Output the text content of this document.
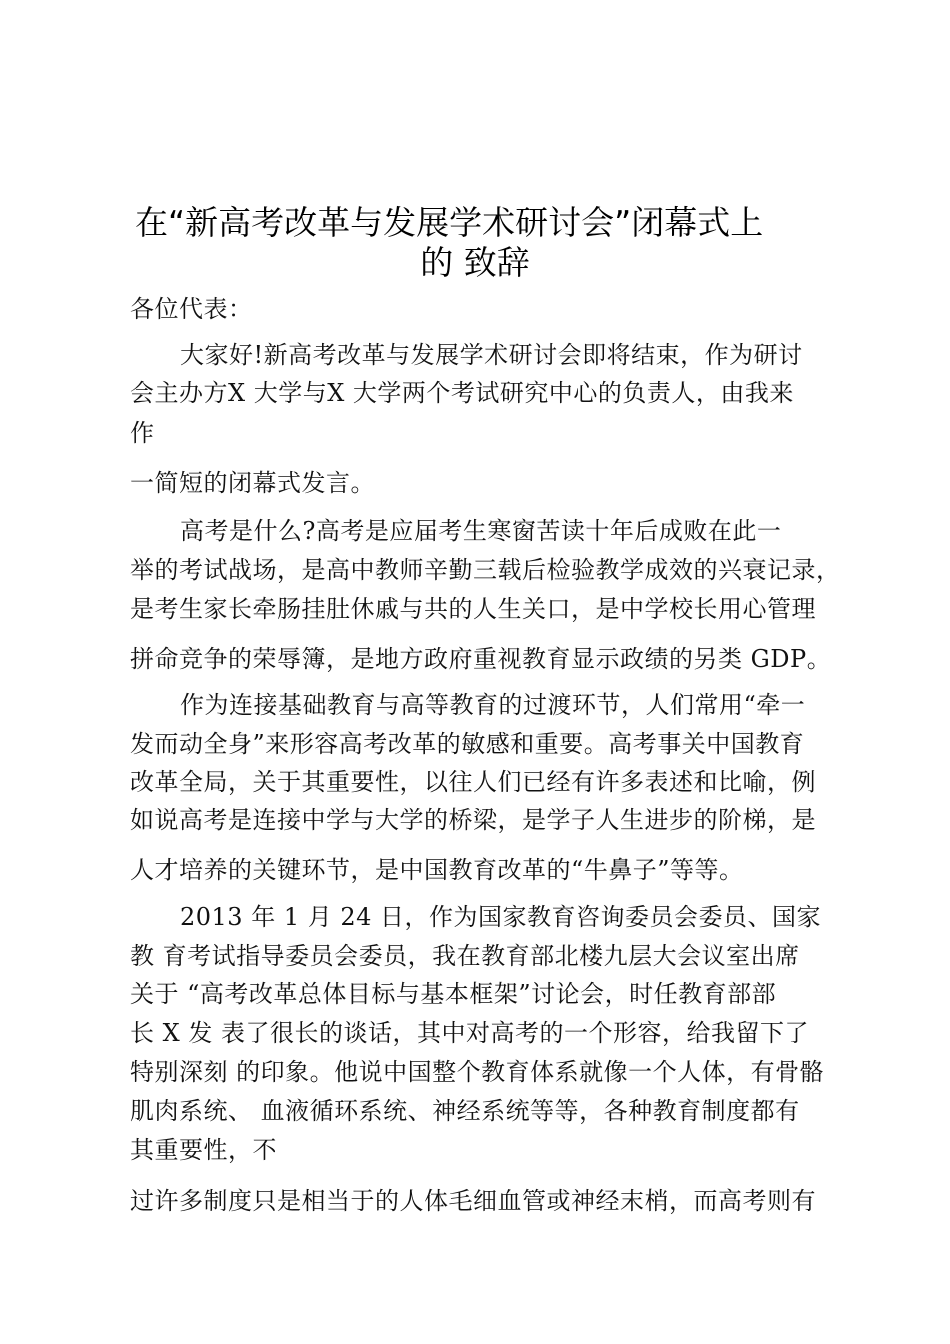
在“新高考改革与发展学术研讨会”闭幕式上
的 致辞
各位代表：
大家好!新高考改革与发展学术研讨会即将结束，作为研讨
会主办方X 大学与X 大学两个考试研究中心的负责人，由我来
作
一简短的闭幕式发言。
高考是什么?高考是应届考生寒窗苦读十年后成败在此一
举的考试战场，是高中教师辛勤三载后检验教学成效的兴衰记录，
是考生家长牵肠挂肚休戚与共的人生关口，是中学校长用心管理
拼命竞争的荣辱簿，是地方政府重视教育显示政绩的另类 GDP。
作为连接基础教育与高等教育的过渡环节，人们常用“牵一
发而动全身”来形容高考改革的敏感和重要。高考事关中国教育
改革全局，关于其重要性，以往人们已经有许多表述和比喻，例
如说高考是连接中学与大学的桥梁，是学子人生进步的阶梯，是
人才培养的关键环节，是中国教育改革的“牛鼻子”等等。
2013 年 1 月 24 日，作为国家教育咨询委员会委员、国家
教 育考试指导委员会委员，我在教育部北楼九层大会议室出席
关于 “高考改革总体目标与基本框架”讨论会，时任教育部部
长 X 发 表了很长的谈话，其中对高考的一个形容，给我留下了
特别深刻 的印象。他说中国整个教育体系就像一个人体，有骨骼
肌肉系统、 血液循环系统、神经系统等等，各种教育制度都有
其重要性，不
过许多制度只是相当于的人体毛细血管或神经末梢，而高考则有
